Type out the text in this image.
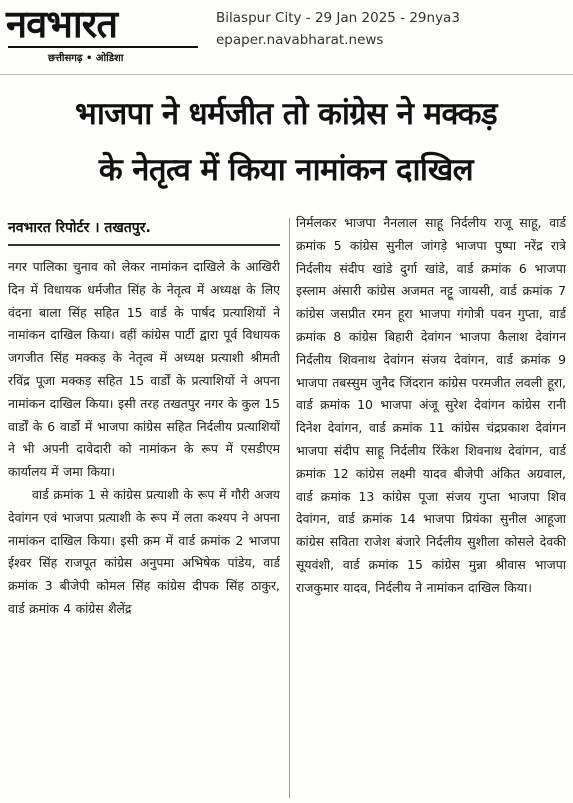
नवभारत
छत्तीसगढ़ • ओडिशा
Bilaspur City - 29 Jan 2025 - 29nya3
epaper.navabharat.news
भाजपा ने धर्मजीत तो कांग्रेस ने मक्कड़
के नेतृत्व में किया नामांकन दाखिल
नवभारत रिपोर्टर । तखतपुर.

नगर पालिका चुनाव को लेकर नामांकन दाखिले के आखिरी दिन में विधायक धर्मजीत सिंह के नेतृत्व में अध्यक्ष के लिए वंदना बाला सिंह सहित 15 वार्ड के पार्षद प्रत्याशियों ने नामांकन दाखिल किया। वहीं कांग्रेस पार्टी द्वारा पूर्व विधायक जगजीत सिंह मक्कड़ के नेतृत्व में अध्यक्ष प्रत्याशी श्रीमती रविंद्र पूजा मक्कड़ सहित 15 वार्डों के प्रत्याशियों ने अपना नामांकन दाखिल किया। इसी तरह तखतपुर नगर के कुल 15 वार्डों के 6 वार्डो में भाजपा कांग्रेस सहित निर्दलीय प्रत्याशियों ने भी अपनी दावेदारी को नामांकन के रूप में एसडीएम कार्यालय में जमा किया।

वार्ड क्रमांक 1 से कांग्रेस प्रत्याशी के रूप में गौरी अजय देवांगन एवं भाजपा प्रत्याशी के रूप में लता कश्यप ने अपना नामांकन दाखिल किया। इसी क्रम में वार्ड क्रमांक 2 भाजपा ईश्वर सिंह राजपूत कांग्रेस अनुपमा अभिषेक पांडेय, वार्ड क्रमांक 3 बीजेपी कोमल सिंह कांग्रेस दीपक सिंह ठाकुर, वार्ड क्रमांक 4 कांग्रेस शैलेंद्र

निर्मलकर भाजपा नैनलाल साहू निर्दलीय राजू साहू, वार्ड क्रमांक 5 कांग्रेस सुनील जांगड़े भाजपा पुष्पा नरेंद्र रात्रे निर्दलीय संदीप खांडे दुर्गा खांडे, वार्ड क्रमांक 6 भाजपा इस्लाम अंसारी कांग्रेस अजमत नट्टू जायसी, वार्ड क्रमांक 7 कांग्रेस जसप्रीत रमन हूरा भाजपा गंगोत्री पवन गुप्ता, वार्ड क्रमांक 8 कांग्रेस बिहारी देवांगन भाजपा कैलाश देवांगन निर्दलीय शिवनाथ देवांगन संजय देवांगन, वार्ड क्रमांक 9 भाजपा तबस्सुम जुनैद जिंदरान कांग्रेस परमजीत लवली हूरा, वार्ड क्रमांक 10 भाजपा अंजू सुरेश देवांगन कांग्रेस रानी दिनेश देवांगन, वार्ड क्रमांक 11 कांग्रेस चंद्रप्रकाश देवांगन भाजपा संदीप साहू निर्दलीय रिंकेश शिवनाथ देवांगन, वार्ड क्रमांक 12 कांग्रेस लक्ष्मी यादव बीजेपी अंकित अग्रवाल, वार्ड क्रमांक 13 कांग्रेस पूजा संजय गुप्ता भाजपा शिव देवांगन, वार्ड क्रमांक 14 भाजपा प्रियंका सुनील आहूजा कांग्रेस सविता राजेश बंजारे निर्दलीय सुशीला कोसले देवकी सूयवंशी, वार्ड क्रमांक 15 कांग्रेस मुन्ना श्रीवास भाजपा राजकुमार यादव, निर्दलीय ने नामांकन दाखिल किया।
